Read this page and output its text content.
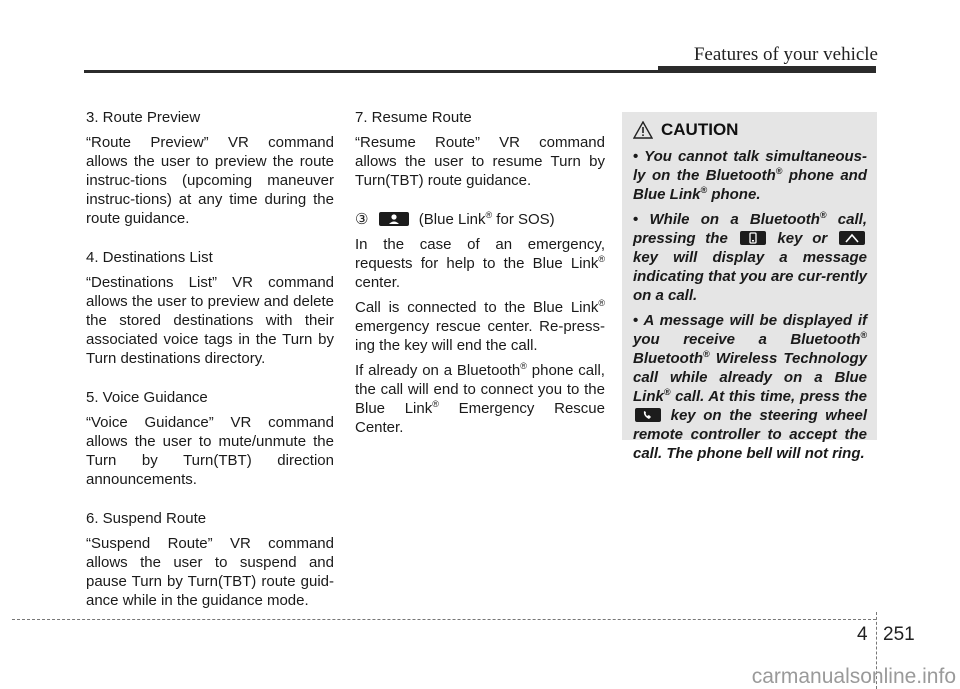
Features of your vehicle

3. Route Preview

“Route Preview” VR command allows the user to preview the route instruc-tions (upcoming maneuver instruc-tions) at any time during the route guidance.

4. Destinations List

“Destinations List” VR command allows the user to preview and delete the stored destinations with their associated voice tags in the Turn by Turn destinations directory.

5. Voice Guidance

“Voice Guidance” VR command allows the user to mute/unmute the Turn by Turn(TBT) direction announcements.

6. Suspend Route

“Suspend Route” VR command allows the user to suspend and pause Turn by Turn(TBT) route guid-ance while in the guidance mode.

7. Resume Route

“Resume Route” VR command allows the user to resume Turn by Turn(TBT) route guidance.

③	(Blue Link® for SOS)

In the case of an emergency, requests for help to the Blue Link® center.

Call is connected to the Blue Link® emergency rescue center. Re-press-ing the key will end the call.

If already on a Bluetooth® phone call, the call will end to connect you to the Blue Link® Emergency Rescue Center.

CAUTION
• You cannot talk simultaneous-ly on the Bluetooth® phone and Blue Link® phone.
• While on a Bluetooth® call, pressing the	key or
key will display a message indicating that you are cur-rently on a call.
• A message will be displayed if you receive a Bluetooth® Bluetooth® Wireless Technology call while already on a Blue Link® call. At this time, press the
key on the steering wheel remote controller to accept the call. The phone bell will not ring.
4 251
carmanualsonline.info
